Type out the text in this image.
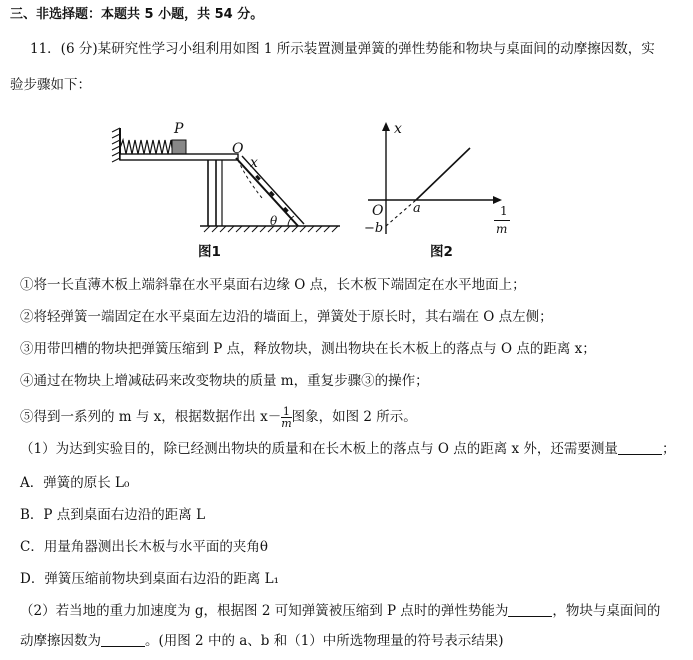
三、非选择题：本题共 5 小题，共 54 分。
11．(6 分)某研究性学习小组利用如图 1 所示装置测量弹簧的弹性势能和物块与桌面间的动摩擦因数，实
验步骤如下：
P
O
x
θ
图1
x
O a
−b
1
m
图2
①将一长直薄木板上端斜靠在水平桌面右边缘 O 点，长木板下端固定在水平地面上；
②将轻弹簧一端固定在水平桌面左边沿的墙面上，弹簧处于原长时，其右端在 O 点左侧；
③用带凹槽的物块把弹簧压缩到 P 点，释放物块，测出物块在长木板上的落点与 O 点的距离 x；
④通过在物块上增减砝码来改变物块的质量 m，重复步骤③的操作；
⑤得到一系列的 m 与 x，根据数据作出 $x- \frac{1}{m}$ 图象，如图 2 所示。
（1）为达到实验目的，除已经测出物块的质量和在长木板上的落点与 O 点的距离 x 外，还需要测量	；
A．弹簧的原长 L₀
B．P 点到桌面右边沿的距离 L
C．用量角器测出长木板与水平面的夹角θ
D．弹簧压缩前物块到桌面右边沿的距离 L₁
（2）若当地的重力加速度为 g，根据图 2 可知弹簧被压缩到 P 点时的弹性势能为	，物块与桌面间的
动摩擦因数为	。(用图 2 中的 a、b 和（1）中所选物理量的符号表示结果)
